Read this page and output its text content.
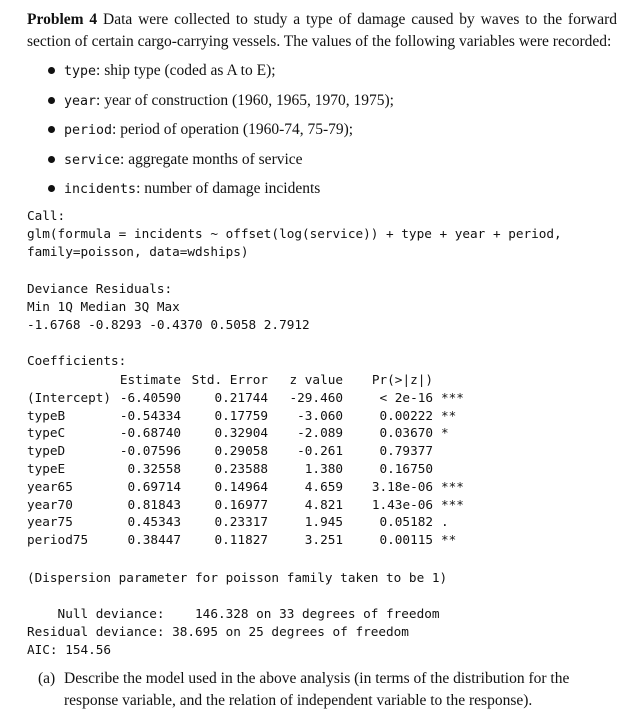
Problem 4 Data were collected to study a type of damage caused by waves to the forward section of certain cargo-carrying vessels. The values of the following variables were recorded:
type: ship type (coded as A to E);
year: year of construction (1960, 1965, 1970, 1975);
period: period of operation (1960-74, 75-79);
service: aggregate months of service
incidents: number of damage incidents
Call:
glm(formula = incidents ~ offset(log(service)) + type + year + period,
family=poisson, data=wdships)
Deviance Residuals:
Min 1Q Median 3Q Max
-1.6768 -0.8293 -0.4370 0.5058 2.7912
Coefficients:
	Estimate	Std. Error	z value	Pr(>|z|)	
(Intercept)	-6.40590	0.21744	-29.460	< 2e-16	***
typeB	-0.54334	0.17759	-3.060	0.00222	**
typeC	-0.68740	0.32904	-2.089	0.03670	*
typeD	-0.07596	0.29058	-0.261	0.79377	
typeE	0.32558	0.23588	1.380	0.16750	
year65	0.69714	0.14964	4.659	3.18e-06	***
year70	0.81843	0.16977	4.821	1.43e-06	***
year75	0.45343	0.23317	1.945	0.05182	.
period75	0.38447	0.11827	3.251	0.00115	**
(Dispersion parameter for poisson family taken to be 1)
Null deviance:    146.328 on 33 degrees of freedom
Residual deviance: 38.695 on 25 degrees of freedom
AIC: 154.56
(a) Describe the model used in the above analysis (in terms of the distribution for the
response variable, and the relation of independent variable to the response).
